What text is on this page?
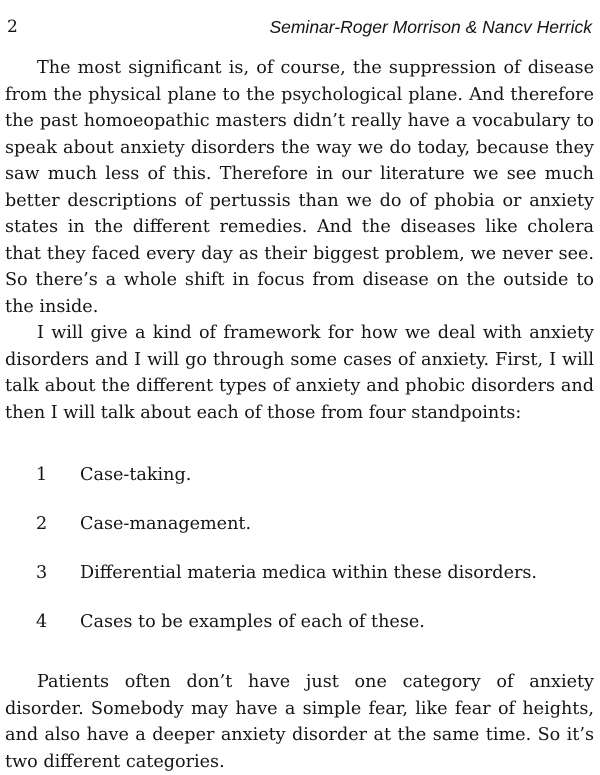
2	Seminar-Roger Morrison & Nancv Herrick

The most significant is, of course, the suppression of disease from the physical plane to the psychological plane. And therefore the past homoeopathic masters didn’t really have a vocabulary to speak about anxiety disorders the way we do today, because they saw much less of this. Therefore in our literature we see much better descriptions of pertussis than we do of phobia or anxiety states in the different remedies. And the diseases like cholera that they faced every day as their biggest problem, we never see. So there’s a whole shift in focus from disease on the outside to the inside.

I will give a kind of framework for how we deal with anxiety disorders and I will go through some cases of anxiety. First, I will talk about the different types of anxiety and phobic disorders and then I will talk about each of those from four standpoints:

1	Case-taking.
2	Case-management.
3	Differential materia medica within these disorders.
4	Cases to be examples of each of these.

Patients often don’t have just one category of anxiety disorder. Somebody may have a simple fear, like fear of heights, and also have a deeper anxiety disorder at the same time. So it’s two different categories.
